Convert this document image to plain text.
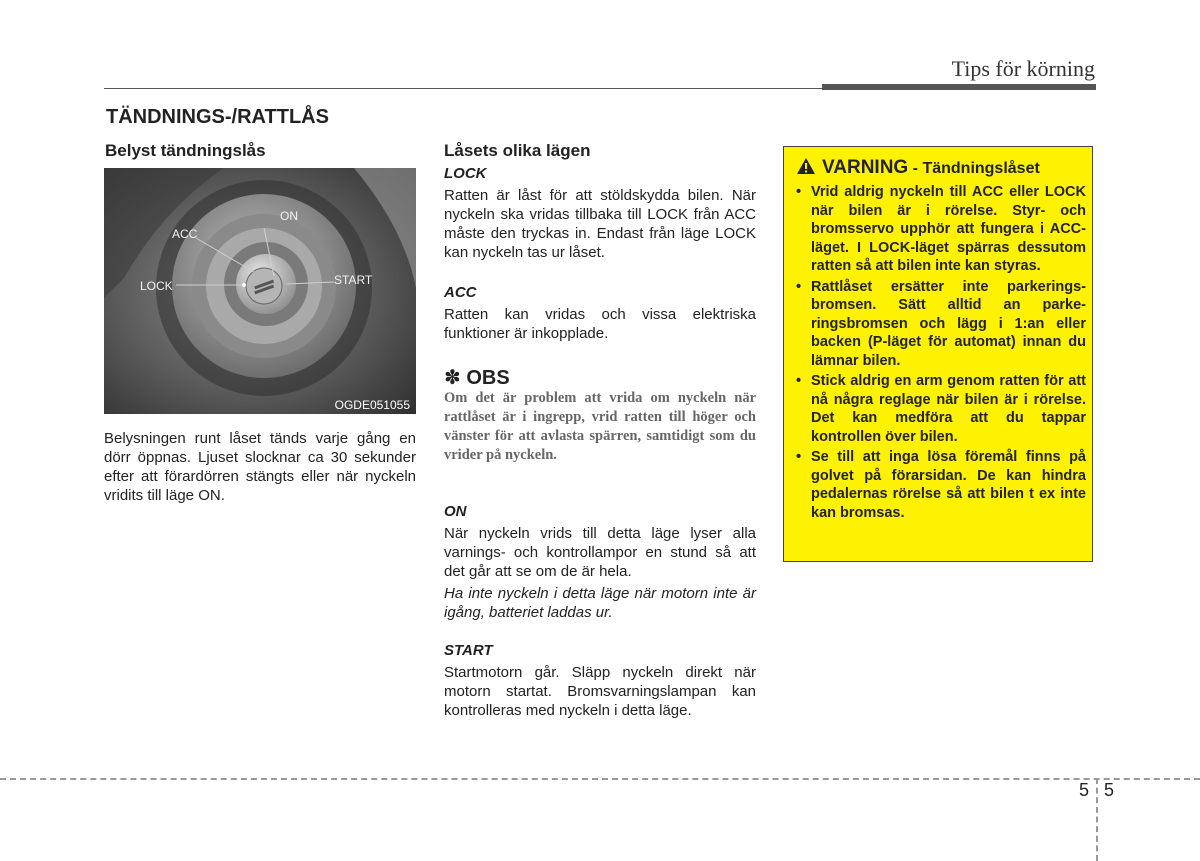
Tips för körning
TÄNDNINGS-/RATTLÅS
Belyst tändningslås
ON
ACC
LOCK	START
OGDE051055

Belysningen runt låset tänds varje gång en dörr öppnas. Ljuset slocknar ca 30 sekunder efter att förardörren stängts eller när nyckeln vridits till läge ON.

Låsets olika lägen

LOCK

Ratten är låst för att stöldskydda bilen. När nyckeln ska vridas tillbaka till LOCK från ACC måste den tryckas in. Endast från läge LOCK kan nyckeln tas ur låset.

ACC

Ratten kan vridas och vissa elektriska funktioner är inkopplade.

✽ OBS

Om det är problem att vrida om nyckeln när rattlåset är i ingrepp, vrid ratten till höger och vänster för att avlasta spärren, samtidigt som du vrider på nyckeln.

ON

När nyckeln vrids till detta läge lyser alla varnings- och kontrollampor en stund så att det går att se om de är hela.

Ha inte nyckeln i detta läge när motorn inte är igång, batteriet laddas ur.

START

Startmotorn går. Släpp nyckeln direkt när motorn startat. Bromsvarningslampan kan kontrolleras med nyckeln i detta läge.

VARNING - Tändningslåset
• Vrid aldrig nyckeln till ACC eller LOCK när bilen är i rörelse. Styr- och bromsservo upphör att fungera i ACC-läget. I LOCK-läget spärras dessutom ratten så att bilen inte kan styras.
• Rattlåset ersätter inte parkerings-bromsen. Sätt alltid an parke-ringsbromsen och lägg i 1:an eller backen (P-läget för automat) innan du lämnar bilen.
• Stick aldrig en arm genom ratten för att nå några reglage när bilen är i rörelse. Det kan medföra att du tappar kontrollen över bilen.
• Se till att inga lösa föremål finns på golvet på förarsidan. De kan hindra pedalernas rörelse så att bilen t ex inte kan bromsas.
5 5
